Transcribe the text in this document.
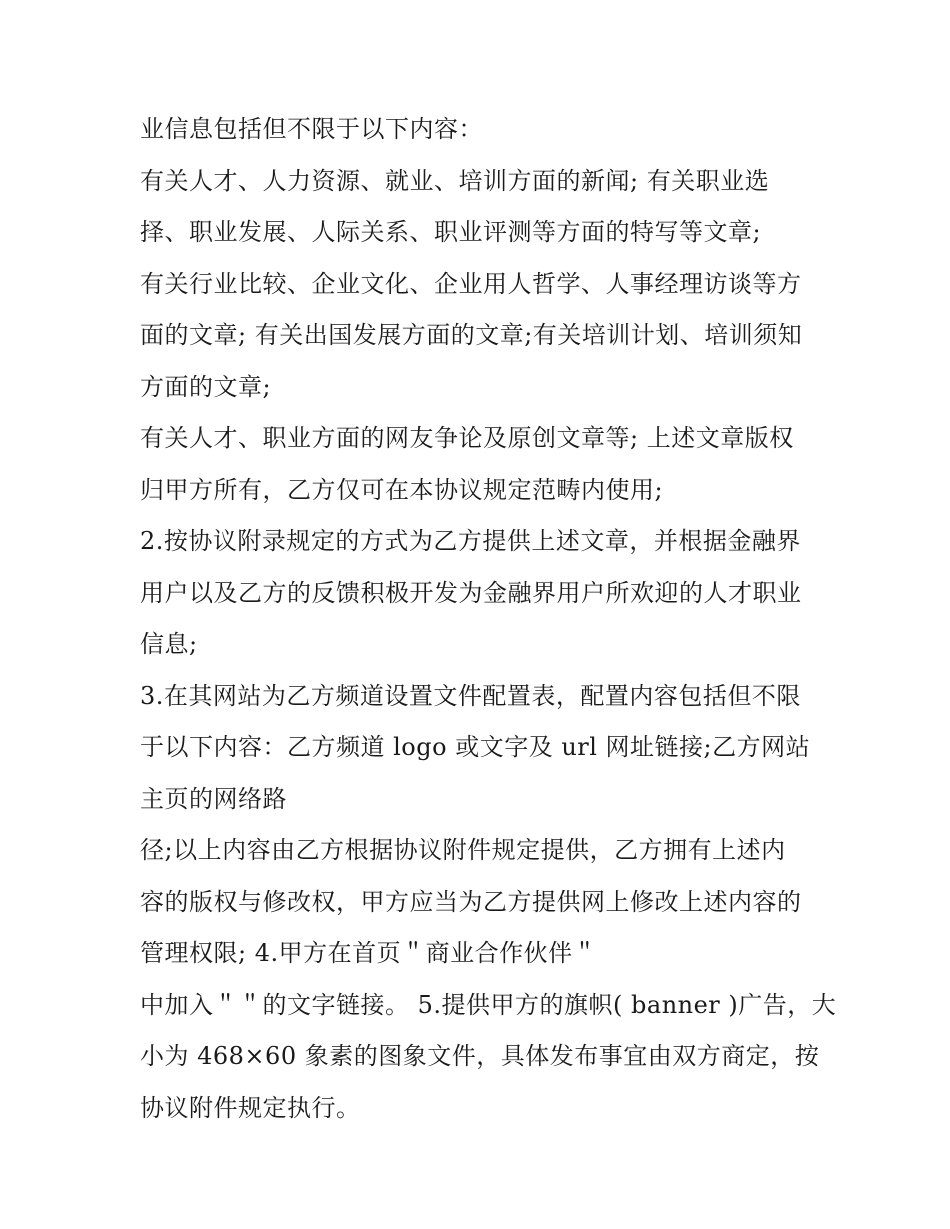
业信息包括但不限于以下内容：
有关人才、人力资源、就业、培训方面的新闻; 有关职业选
择、职业发展、人际关系、职业评测等方面的特写等文章;
有关行业比较、企业文化、企业用人哲学、人事经理访谈等方
面的文章; 有关出国发展方面的文章;有关培训计划、培训须知
方面的文章;
有关人才、职业方面的网友争论及原创文章等; 上述文章版权
归甲方所有，乙方仅可在本协议规定范畴内使用;
2.按协议附录规定的方式为乙方提供上述文章，并根据金融界
用户以及乙方的反馈积极开发为金融界用户所欢迎的人才职业
信息;
3.在其网站为乙方频道设置文件配置表，配置内容包括但不限
于以下内容：乙方频道 logo 或文字及 url 网址链接;乙方网站
主页的网络路
径;以上内容由乙方根据协议附件规定提供，乙方拥有上述内
容的版权与修改权，甲方应当为乙方提供网上修改上述内容的
管理权限; 4.甲方在首页＂商业合作伙伴＂
中加入＂＂的文字链接。 5.提供甲方的旗帜( banner )广告，大
小为 468×60 象素的图象文件，具体发布事宜由双方商定，按
协议附件规定执行。
